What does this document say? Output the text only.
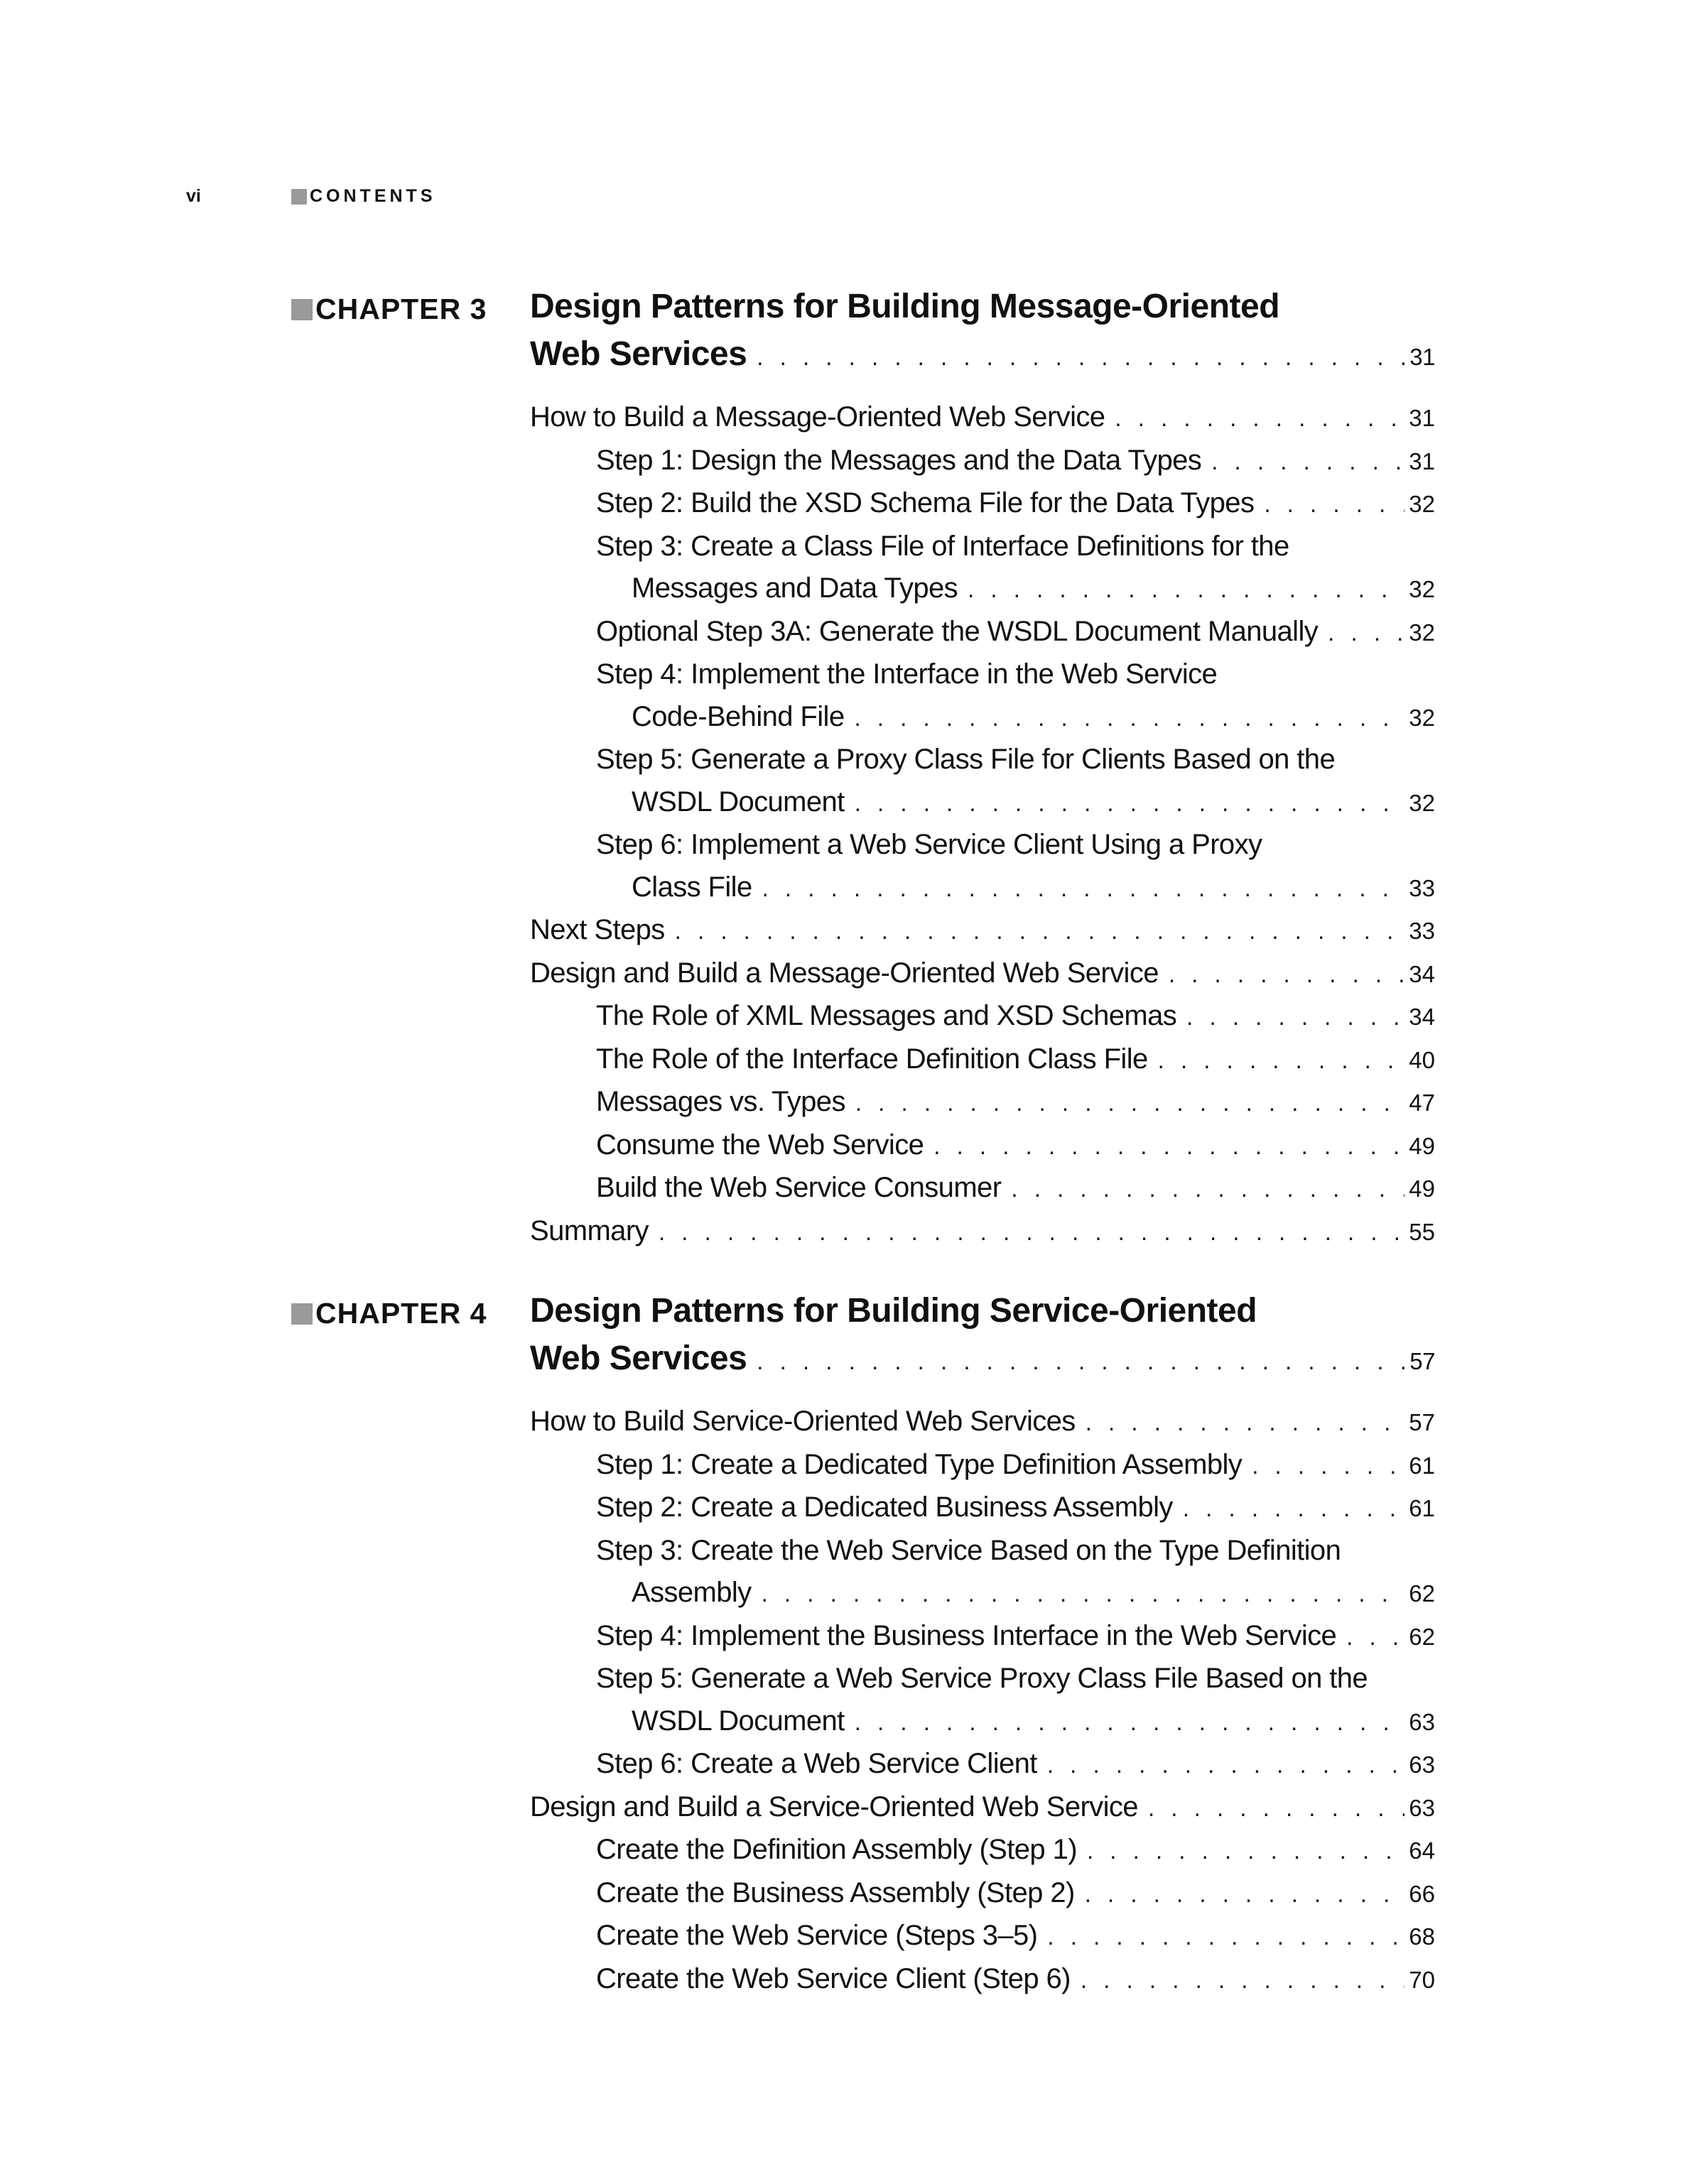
vi	CONTENTS
CHAPTER 3 Design Patterns for Building Message-Oriented
Web Services . . .	31
How to Build a Message-Oriented Web Service . . .	31
Step 1: Design the Messages and the Data Types . . .	31
Step 2: Build the XSD Schema File for the Data Types . . .	32
Step 3: Create a Class File of Interface Definitions for the
Messages and Data Types . . .	32
Optional Step 3A: Generate the WSDL Document Manually . . .	32
Step 4: Implement the Interface in the Web Service
Code-Behind File . . .	32
Step 5: Generate a Proxy Class File for Clients Based on the
WSDL Document . . .	32
Step 6: Implement a Web Service Client Using a Proxy
Class File . . .	33
Next Steps . . .	33
Design and Build a Message-Oriented Web Service . . .	34
The Role of XML Messages and XSD Schemas . . .	34
The Role of the Interface Definition Class File . . .	40
Messages vs. Types . . .	47
Consume the Web Service . . .	49
Build the Web Service Consumer . . .	49
Summary . . .	55
CHAPTER 4 Design Patterns for Building Service-Oriented
Web Services . . .	57
How to Build Service-Oriented Web Services . . .	57
Step 1: Create a Dedicated Type Definition Assembly . . .	61
Step 2: Create a Dedicated Business Assembly . . .	61
Step 3: Create the Web Service Based on the Type Definition
Assembly . . .	62
Step 4: Implement the Business Interface in the Web Service . . .	62
Step 5: Generate a Web Service Proxy Class File Based on the
WSDL Document . . .	63
Step 6: Create a Web Service Client . . .	63
Design and Build a Service-Oriented Web Service . . .	63
Create the Definition Assembly (Step 1) . . .	64
Create the Business Assembly (Step 2) . . .	66
Create the Web Service (Steps 3–5) . . .	68
Create the Web Service Client (Step 6) . . .	70
